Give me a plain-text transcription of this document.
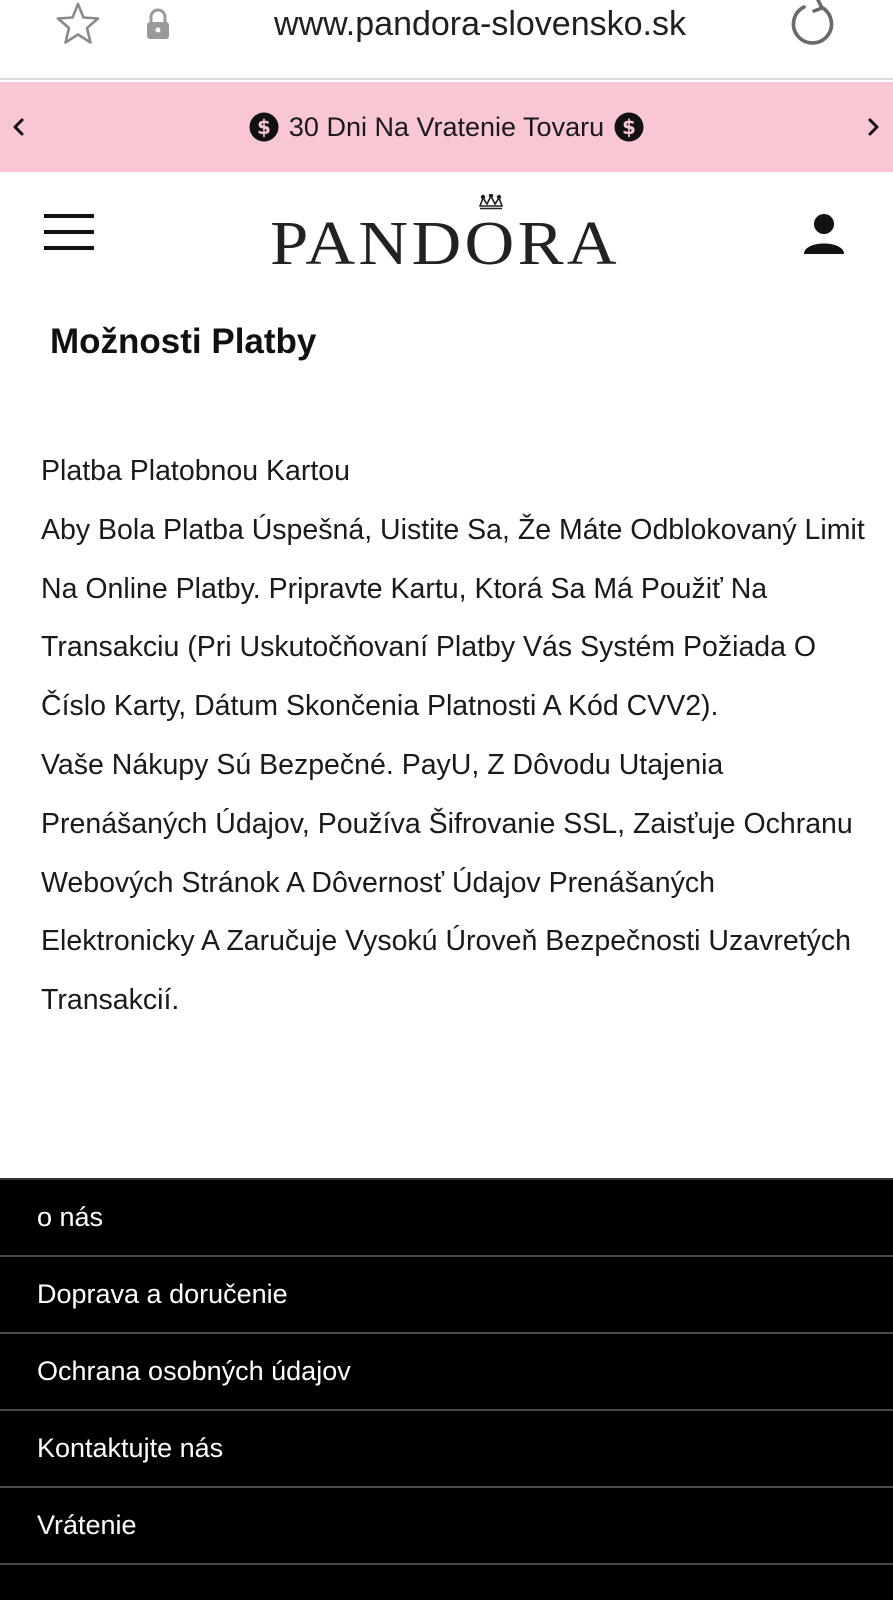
www.pandora-slovensko.sk
$ 30 Dni Na Vratenie Tovaru $
PANDORA
Možnosti Platby

Platba Platobnou Kartou

Aby Bola Platba Úspešná, Uistite Sa, Že Máte Odblokovaný Limit Na Online Platby. Pripravte Kartu, Ktorá Sa Má Použiť Na Transakciu (Pri Uskutočňovaní Platby Vás Systém Požiada O Číslo Karty, Dátum Skončenia Platnosti A Kód CVV2).

Vaše Nákupy Sú Bezpečné. PayU, Z Dôvodu Utajenia Prenášaných Údajov, Používa Šifrovanie SSL, Zaisťuje Ochranu Webových Stránok A Dôvernosť Údajov Prenášaných Elektronicky A Zaručuje Vysokú Úroveň Bezpečnosti Uzavretých Transakcií.

o nás
Doprava a doručenie
Ochrana osobných údajov
Kontaktujte nás
Vrátenie
